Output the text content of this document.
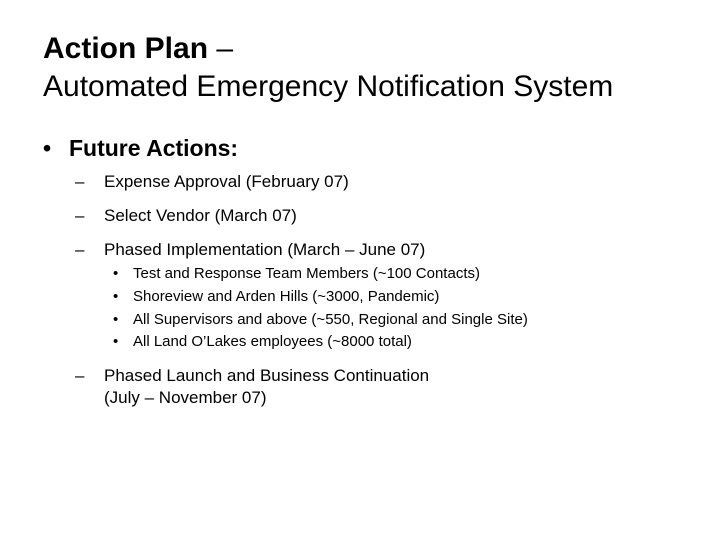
Action Plan –
Automated Emergency Notification System
• Future Actions:
– Expense Approval (February 07)
– Select Vendor (March 07)
– Phased Implementation (March – June 07)
• Test and Response Team Members (~100 Contacts)
• Shoreview and Arden Hills (~3000, Pandemic)
• All Supervisors and above (~550, Regional and Single Site)
• All Land O’Lakes employees (~8000 total)
– Phased Launch and Business Continuation
(July – November 07)
